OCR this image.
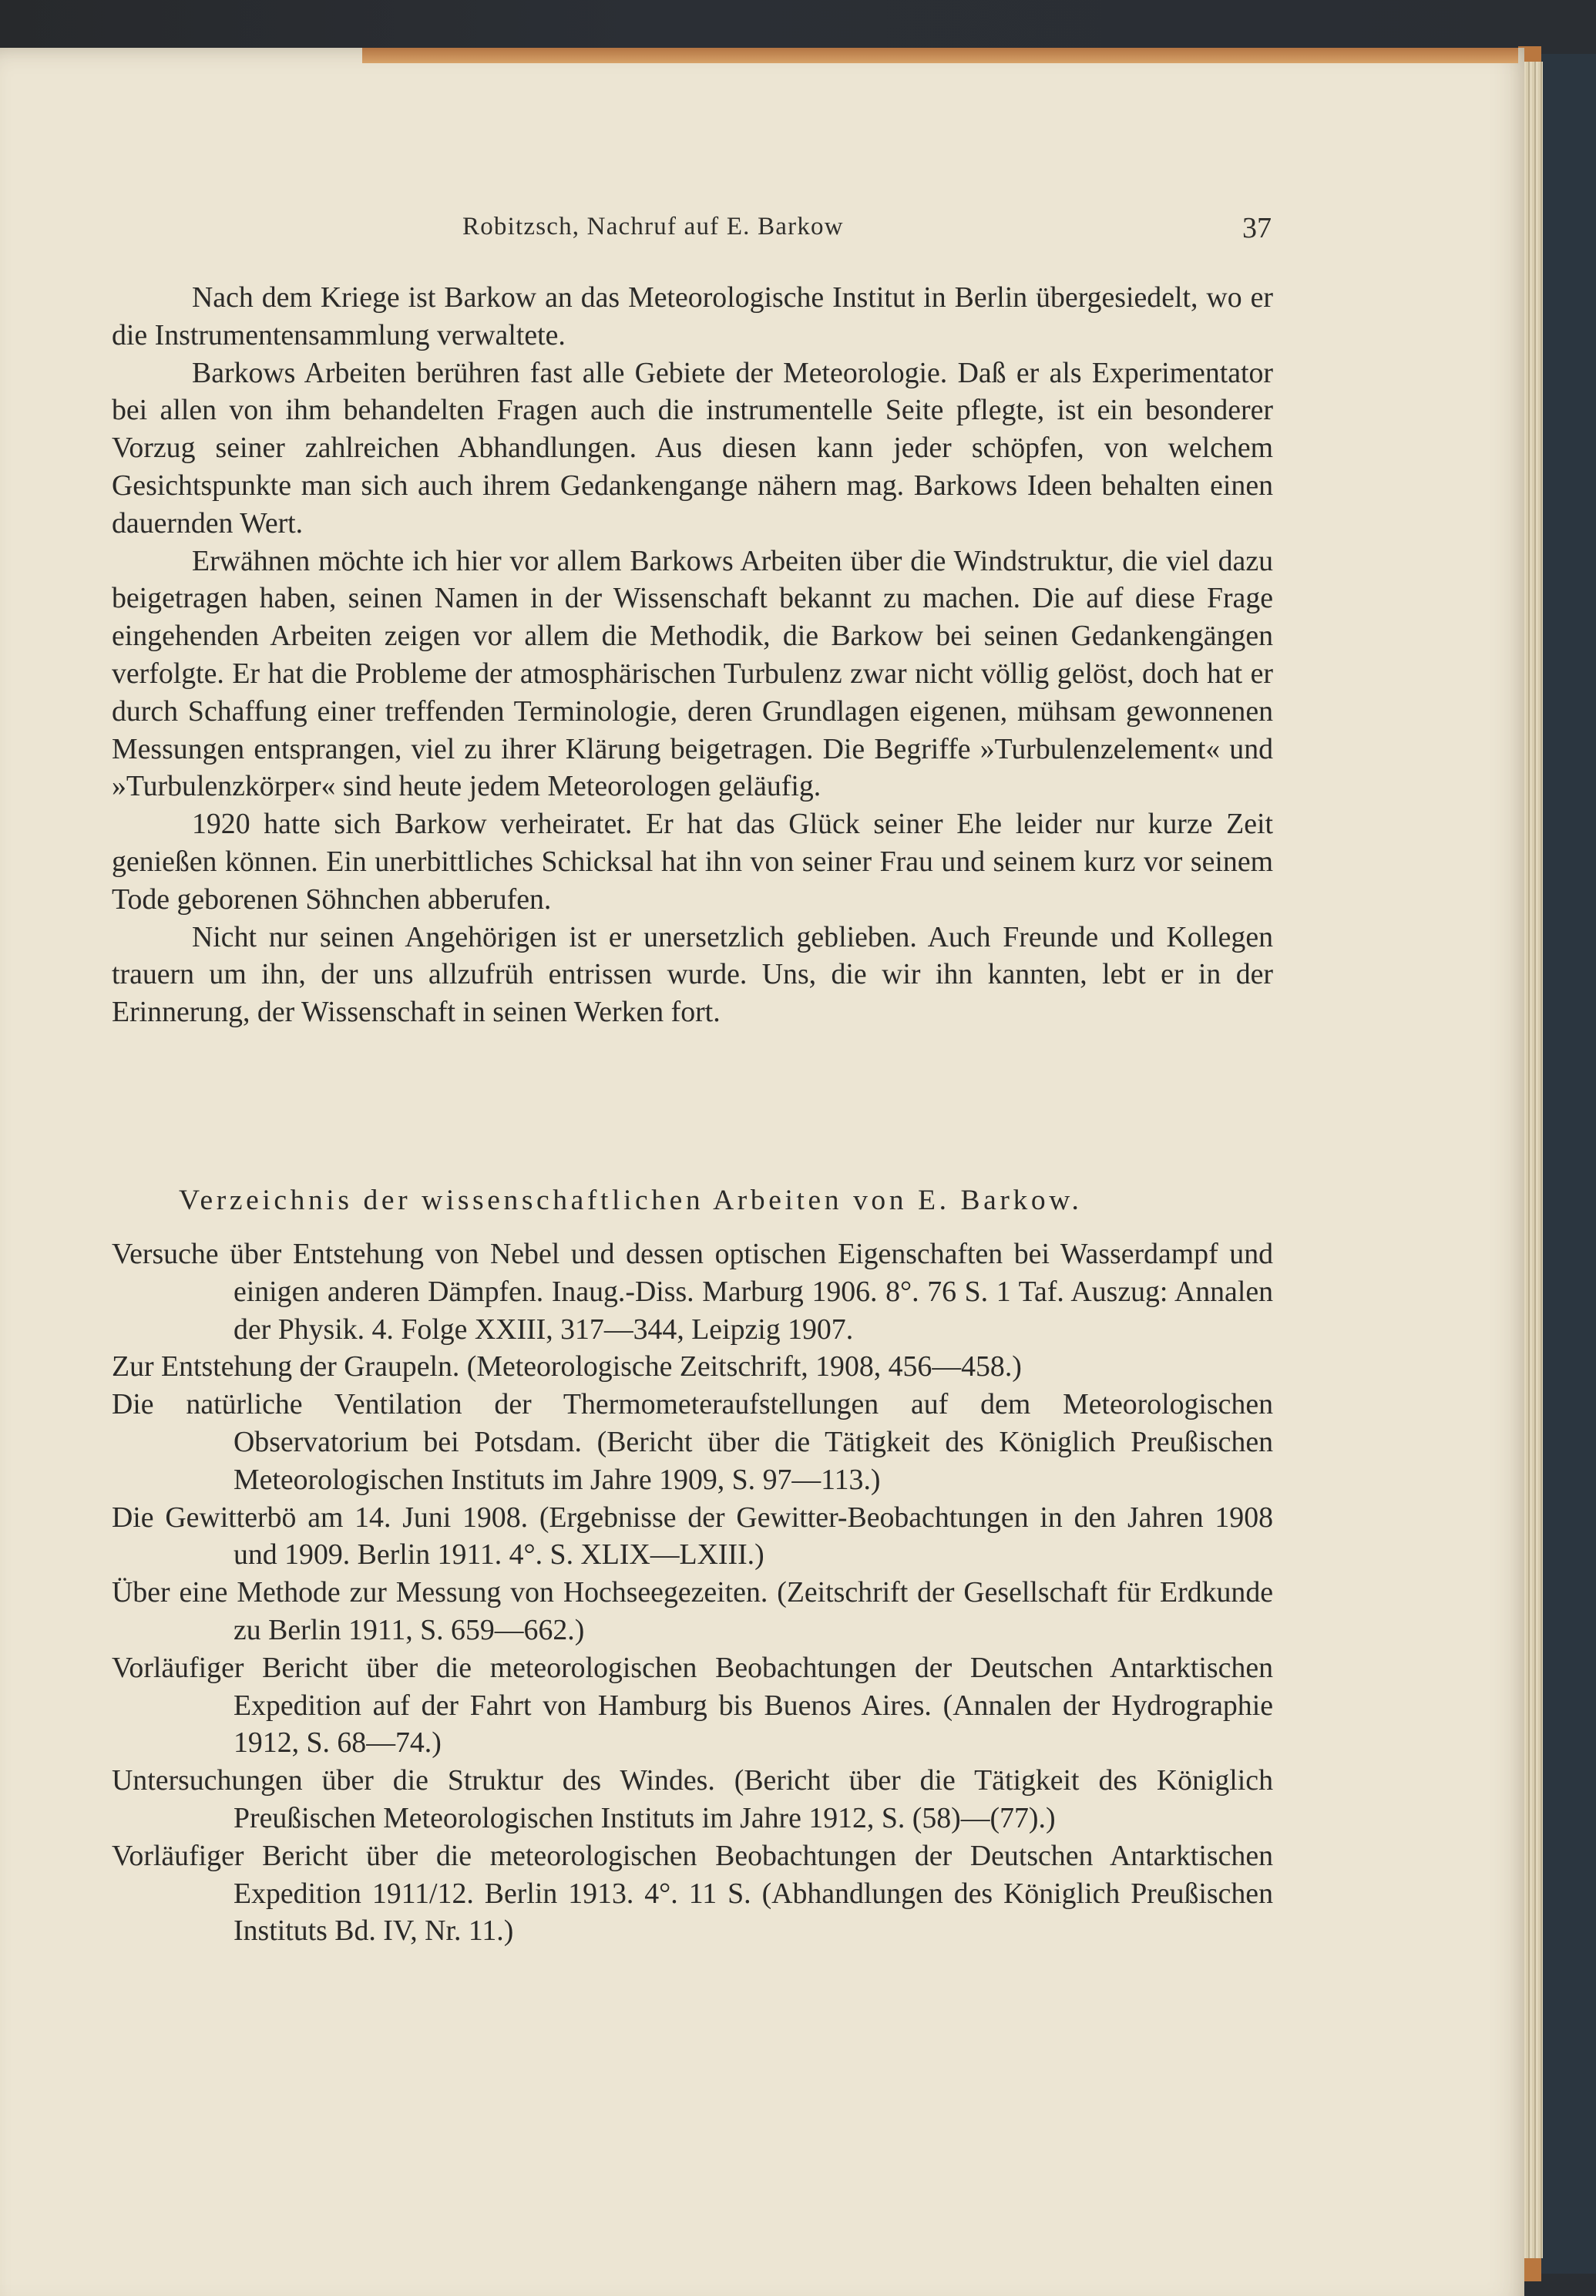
Robitzsch, Nachruf auf E. Barkow	37

Nach dem Kriege ist Barkow an das Meteorologische Institut in Berlin übergesiedelt, wo er die Instrumentensammlung verwaltete.

Barkows Arbeiten berühren fast alle Gebiete der Meteorologie. Daß er als Experimentator bei allen von ihm behandelten Fragen auch die instrumentelle Seite pflegte, ist ein besonderer Vorzug seiner zahlreichen Abhandlungen. Aus diesen kann jeder schöpfen, von welchem Gesichtspunkte man sich auch ihrem Gedankengange nähern mag. Barkows Ideen behalten einen dauernden Wert.

Erwähnen möchte ich hier vor allem Barkows Arbeiten über die Windstruktur, die viel dazu beigetragen haben, seinen Namen in der Wissenschaft bekannt zu machen. Die auf diese Frage eingehenden Arbeiten zeigen vor allem die Methodik, die Barkow bei seinen Gedankengängen verfolgte. Er hat die Probleme der atmosphärischen Turbulenz zwar nicht völlig gelöst, doch hat er durch Schaffung einer treffenden Terminologie, deren Grundlagen eigenen, mühsam gewonnenen Messungen entsprangen, viel zu ihrer Klärung beigetragen. Die Begriffe »Turbulenzelement« und »Turbulenzkörper« sind heute jedem Meteorologen geläufig.

1920 hatte sich Barkow verheiratet. Er hat das Glück seiner Ehe leider nur kurze Zeit genießen können. Ein unerbittliches Schicksal hat ihn von seiner Frau und seinem kurz vor seinem Tode geborenen Söhnchen abberufen.

Nicht nur seinen Angehörigen ist er unersetzlich geblieben. Auch Freunde und Kollegen trauern um ihn, der uns allzufrüh entrissen wurde. Uns, die wir ihn kannten, lebt er in der Erinnerung, der Wissenschaft in seinen Werken fort.

Verzeichnis der wissenschaftlichen Arbeiten von E. Barkow.

Versuche über Entstehung von Nebel und dessen optischen Eigenschaften bei Wasserdampf und einigen anderen Dämpfen. Inaug.-Diss. Marburg 1906. 8°. 76 S. 1 Taf. Auszug: Annalen der Physik. 4. Folge XXIII, 317—344, Leipzig 1907.

Zur Entstehung der Graupeln. (Meteorologische Zeitschrift, 1908, 456—458.)

Die natürliche Ventilation der Thermometeraufstellungen auf dem Meteorologischen Observatorium bei Potsdam. (Bericht über die Tätigkeit des Königlich Preußischen Meteorologischen Instituts im Jahre 1909, S. 97—113.)

Die Gewitterbö am 14. Juni 1908. (Ergebnisse der Gewitter-Beobachtungen in den Jahren 1908 und 1909. Berlin 1911. 4°. S. XLIX—LXIII.)

Über eine Methode zur Messung von Hochseegezeiten. (Zeitschrift der Gesellschaft für Erdkunde zu Berlin 1911, S. 659—662.)

Vorläufiger Bericht über die meteorologischen Beobachtungen der Deutschen Antarktischen Expedition auf der Fahrt von Hamburg bis Buenos Aires. (Annalen der Hydrographie 1912, S. 68—74.)

Untersuchungen über die Struktur des Windes. (Bericht über die Tätigkeit des Königlich Preußischen Meteorologischen Instituts im Jahre 1912, S. (58)—(77).)

Vorläufiger Bericht über die meteorologischen Beobachtungen der Deutschen Antarktischen Expedition 1911/12. Berlin 1913. 4°. 11 S. (Abhandlungen des Königlich Preußischen Instituts Bd. IV, Nr. 11.)
